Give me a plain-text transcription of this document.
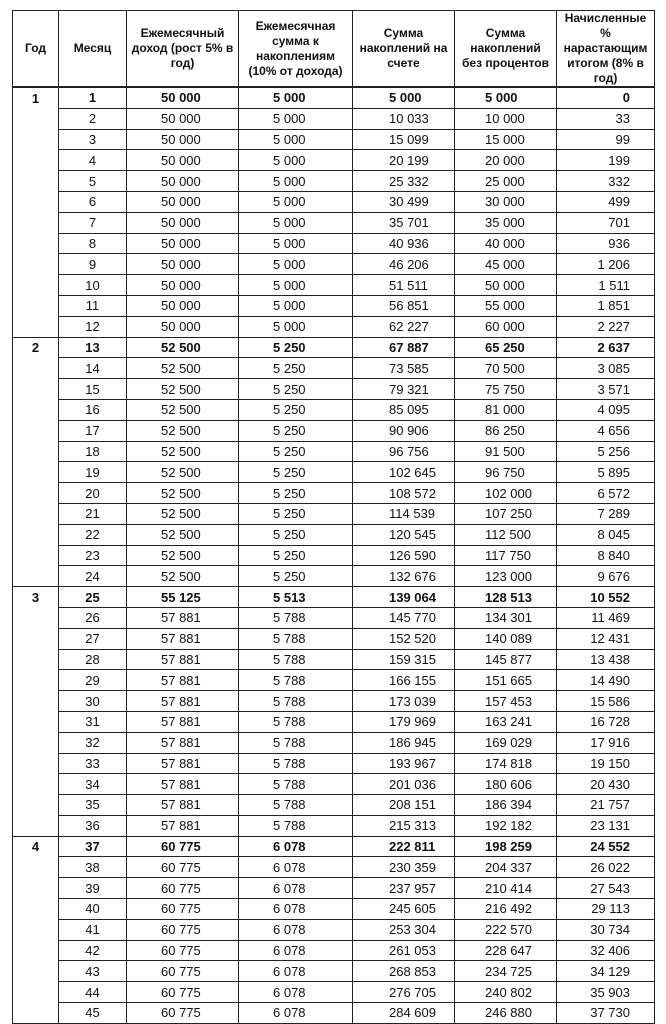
Год	Месяц	Ежемесячный доход (рост 5% в год)	Ежемесячная сумма к накоплениям (10% от дохода)	Сумма накоплений на счете	Сумма накоплений без процентов	Начисленные % нарастающим итогом (8% в год)
1	1	50 000	5 000	5 000	5 000	0
	2	50 000	5 000	10 033	10 000	33
	3	50 000	5 000	15 099	15 000	99
	4	50 000	5 000	20 199	20 000	199
	5	50 000	5 000	25 332	25 000	332
	6	50 000	5 000	30 499	30 000	499
	7	50 000	5 000	35 701	35 000	701
	8	50 000	5 000	40 936	40 000	936
	9	50 000	5 000	46 206	45 000	1 206
	10	50 000	5 000	51 511	50 000	1 511
	11	50 000	5 000	56 851	55 000	1 851
	12	50 000	5 000	62 227	60 000	2 227
2	13	52 500	5 250	67 887	65 250	2 637
	14	52 500	5 250	73 585	70 500	3 085
	15	52 500	5 250	79 321	75 750	3 571
	16	52 500	5 250	85 095	81 000	4 095
	17	52 500	5 250	90 906	86 250	4 656
	18	52 500	5 250	96 756	91 500	5 256
	19	52 500	5 250	102 645	96 750	5 895
	20	52 500	5 250	108 572	102 000	6 572
	21	52 500	5 250	114 539	107 250	7 289
	22	52 500	5 250	120 545	112 500	8 045
	23	52 500	5 250	126 590	117 750	8 840
	24	52 500	5 250	132 676	123 000	9 676
3	25	55 125	5 513	139 064	128 513	10 552
	26	57 881	5 788	145 770	134 301	11 469
	27	57 881	5 788	152 520	140 089	12 431
	28	57 881	5 788	159 315	145 877	13 438
	29	57 881	5 788	166 155	151 665	14 490
	30	57 881	5 788	173 039	157 453	15 586
	31	57 881	5 788	179 969	163 241	16 728
	32	57 881	5 788	186 945	169 029	17 916
	33	57 881	5 788	193 967	174 818	19 150
	34	57 881	5 788	201 036	180 606	20 430
	35	57 881	5 788	208 151	186 394	21 757
	36	57 881	5 788	215 313	192 182	23 131
4	37	60 775	6 078	222 811	198 259	24 552
	38	60 775	6 078	230 359	204 337	26 022
	39	60 775	6 078	237 957	210 414	27 543
	40	60 775	6 078	245 605	216 492	29 113
	41	60 775	6 078	253 304	222 570	30 734
	42	60 775	6 078	261 053	228 647	32 406
	43	60 775	6 078	268 853	234 725	34 129
	44	60 775	6 078	276 705	240 802	35 903
	45	60 775	6 078	284 609	246 880	37 730
